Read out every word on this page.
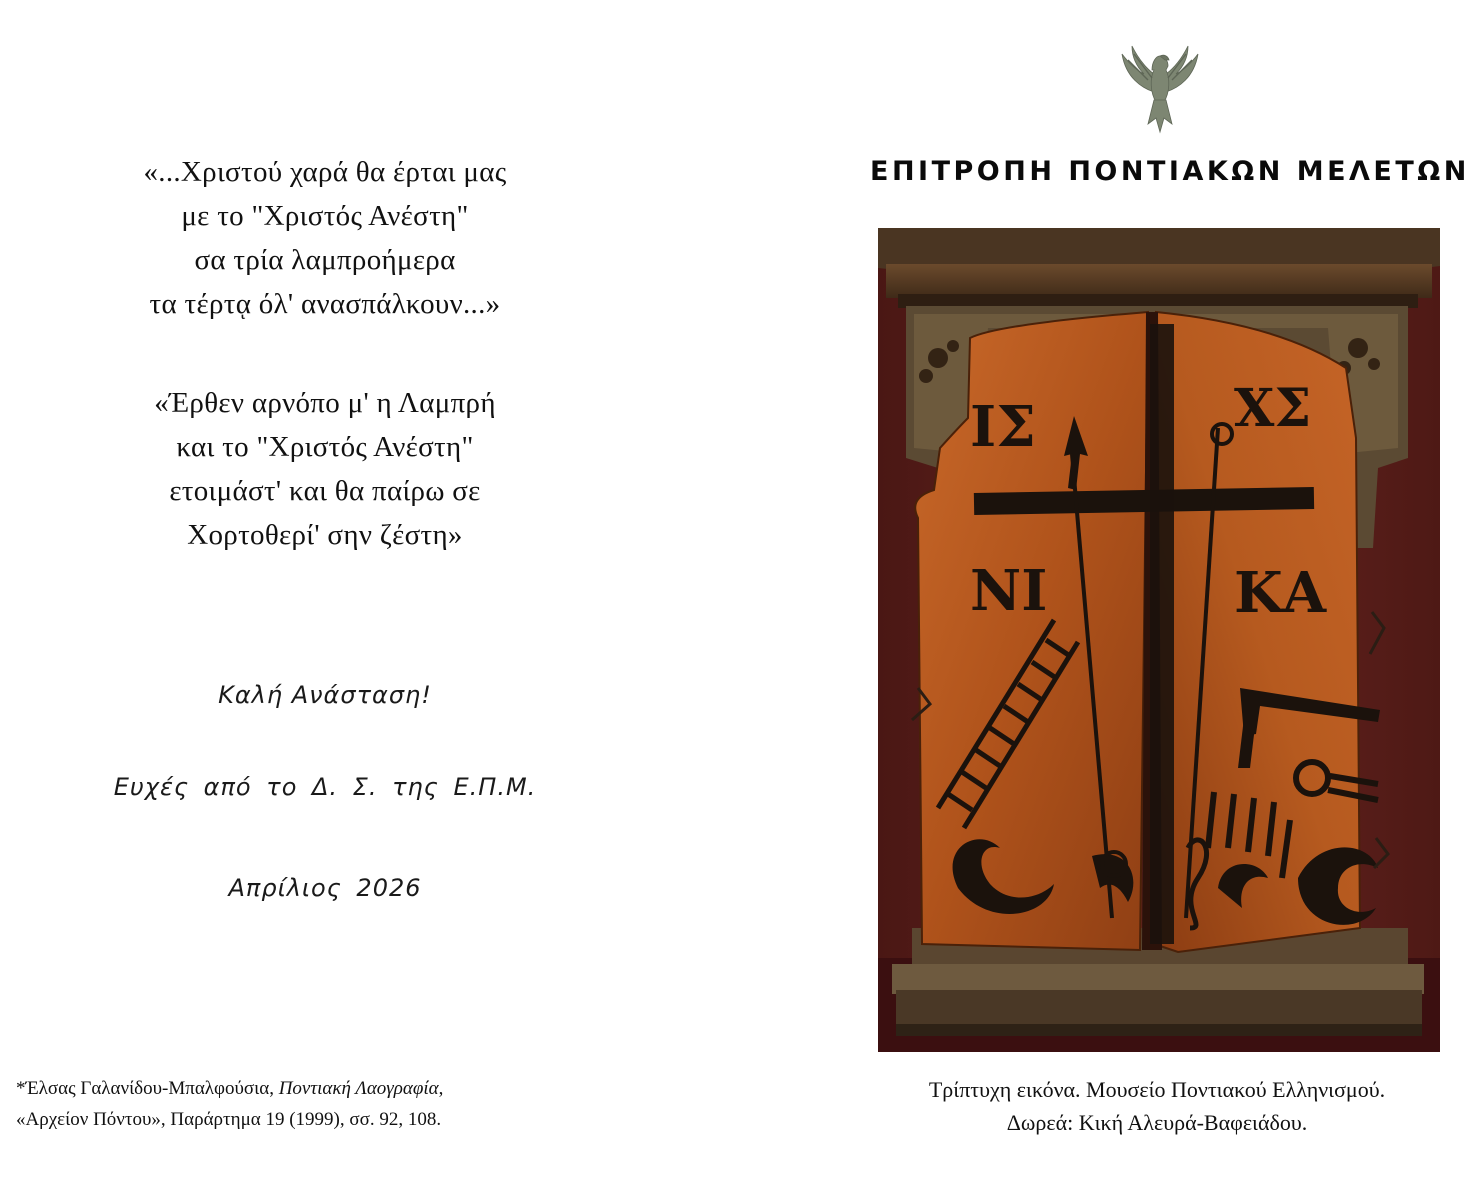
«...Χριστού χαρά θα έρται μας
με το "Χριστός Ανέστη"
σα τρία λαμπροήμερα
τα τέρτᾳ όλ' ανασπάλκουν...»
«Έρθεν αρνόπο μ' η Λαμπρή
και το "Χριστός Ανέστη"
ετοιμάστ' και θα παίρω σε
Χορτοθερί' σην ζέστη»
Καλή Ανάσταση!
Ευχές από το Δ. Σ. της Ε.Π.Μ.
Απρίλιος 2026
*Έλσας Γαλανίδου-Μπαλφούσια, Ποντιακή Λαογραφία,
«Αρχείον Πόντου», Παράρτημα 19 (1999), σσ. 92, 108.
ΕΠΙΤΡΟΠΗ ΠΟΝΤΙΑΚΩΝ ΜΕΛΕΤΩΝ
ΙΣ	ΧΣ
ΝΙ	ΚΑ
Τρίπτυχη εικόνα. Μουσείο Ποντιακού Ελληνισμού.
Δωρεά: Κική Αλευρά-Βαφειάδου.
